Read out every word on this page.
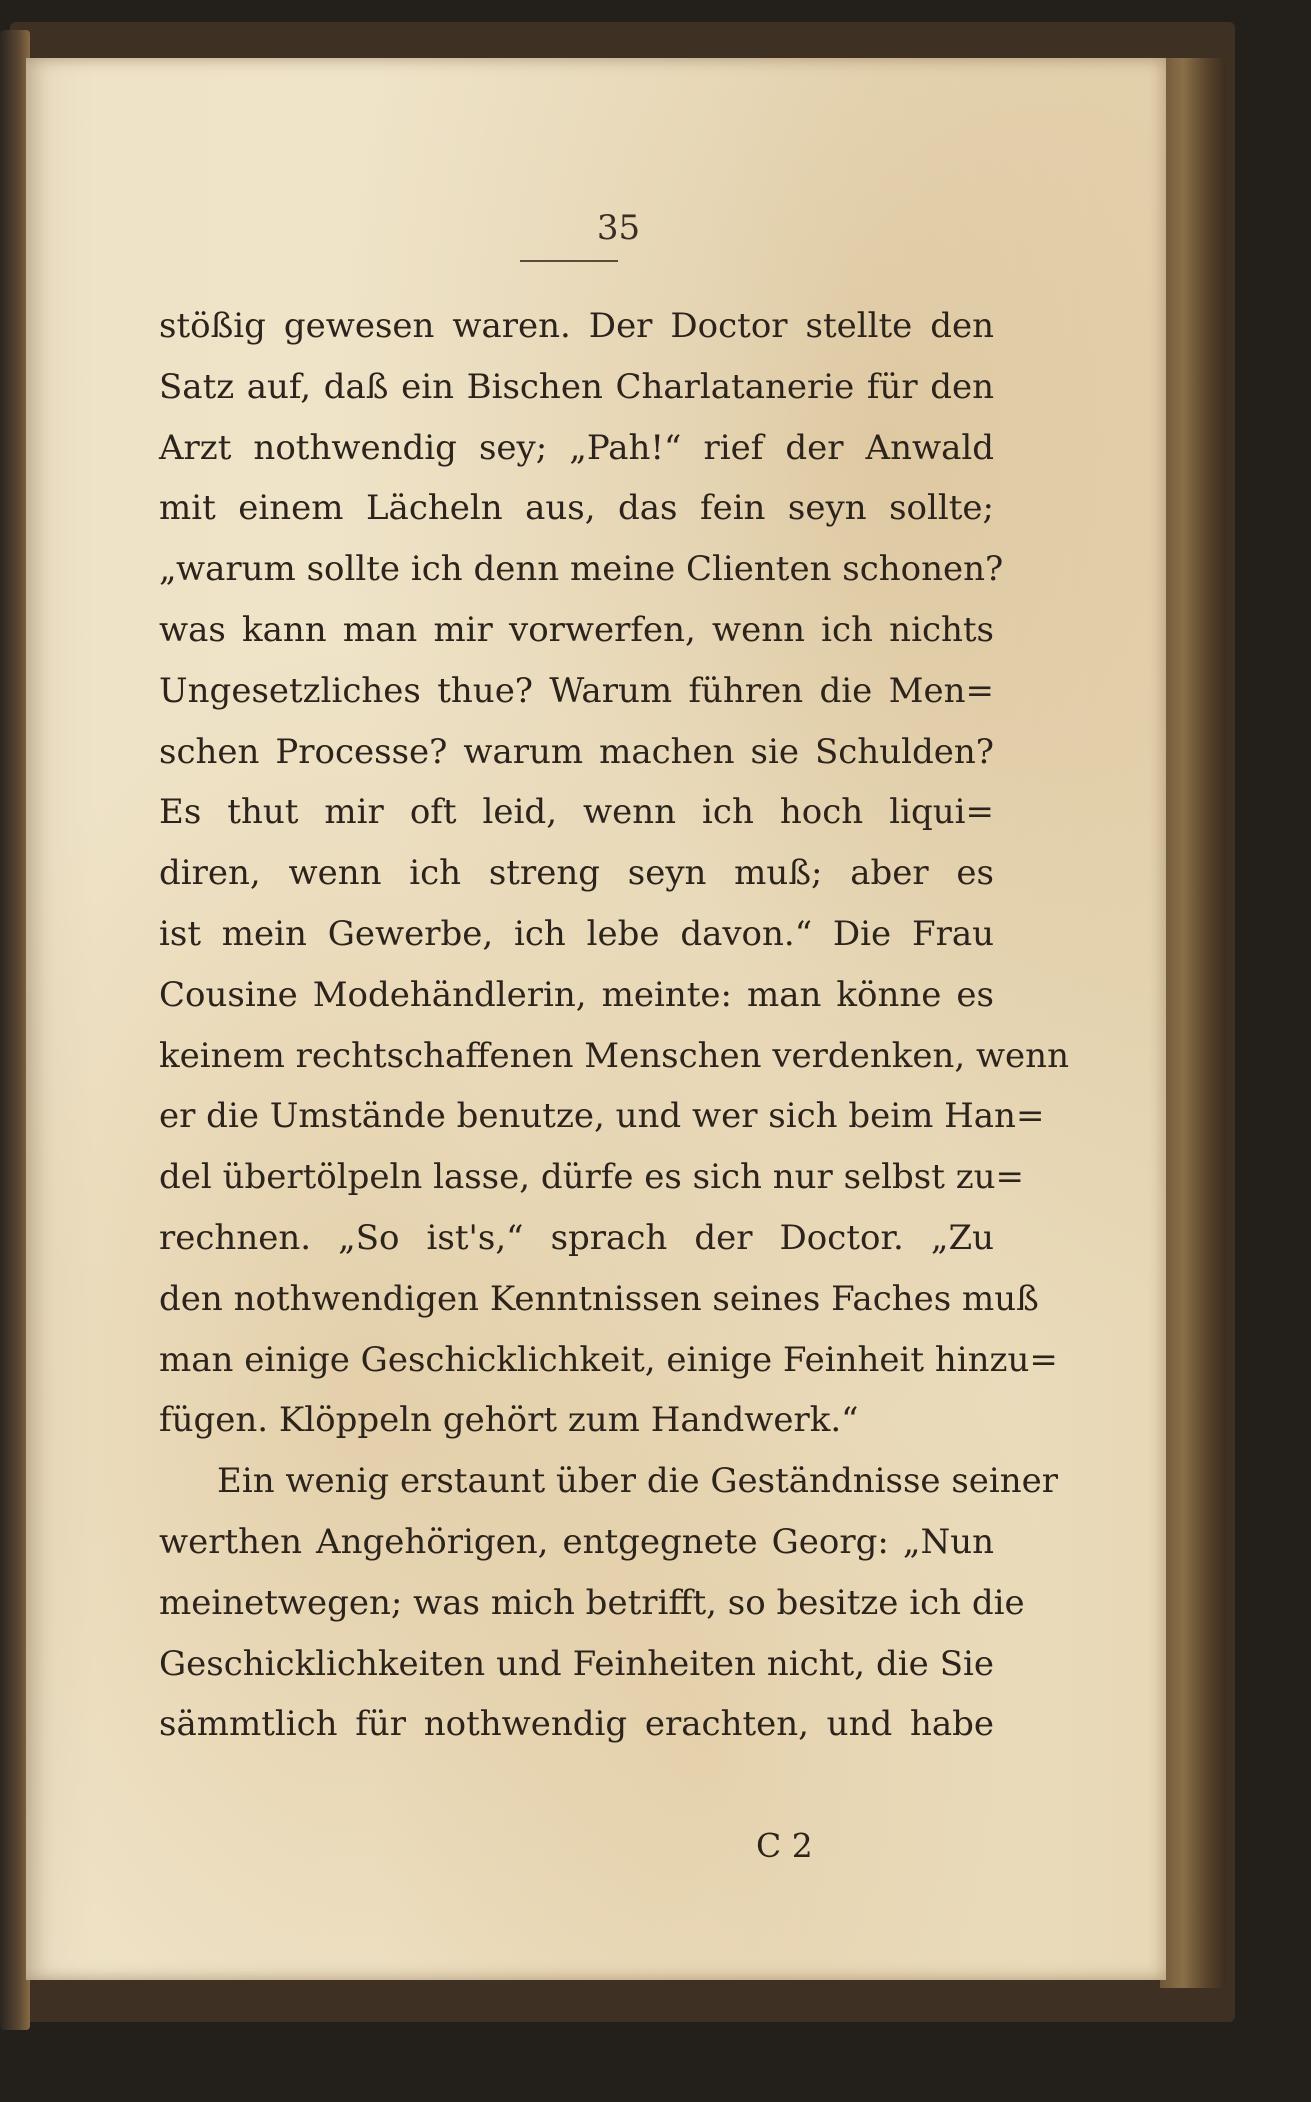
35
stößig gewesen waren. Der Doctor stellte den
Satz auf, daß ein Bischen Charlatanerie für den
Arzt nothwendig sey; „Pah!“ rief der Anwald
mit einem Lächeln aus, das fein seyn sollte;
„warum sollte ich denn meine Clienten schonen?
was kann man mir vorwerfen, wenn ich nichts
Ungesetzliches thue? Warum führen die Men=
schen Processe? warum machen sie Schulden?
Es thut mir oft leid, wenn ich hoch liqui=
diren, wenn ich streng seyn muß; aber es
ist mein Gewerbe, ich lebe davon.“ Die Frau
Cousine Modehändlerin, meinte: man könne es
keinem rechtschaffenen Menschen verdenken, wenn
er die Umstände benutze, und wer sich beim Han=
del übertölpeln lasse, dürfe es sich nur selbst zu=
rechnen. „So ist's,“ sprach der Doctor. „Zu
den nothwendigen Kenntnissen seines Faches muß
man einige Geschicklichkeit, einige Feinheit hinzu=
fügen. Klöppeln gehört zum Handwerk.“
Ein wenig erstaunt über die Geständnisse seiner
werthen Angehörigen, entgegnete Georg: „Nun
meinetwegen; was mich betrifft, so besitze ich die
Geschicklichkeiten und Feinheiten nicht, die Sie
sämmtlich für nothwendig erachten, und habe
C 2
